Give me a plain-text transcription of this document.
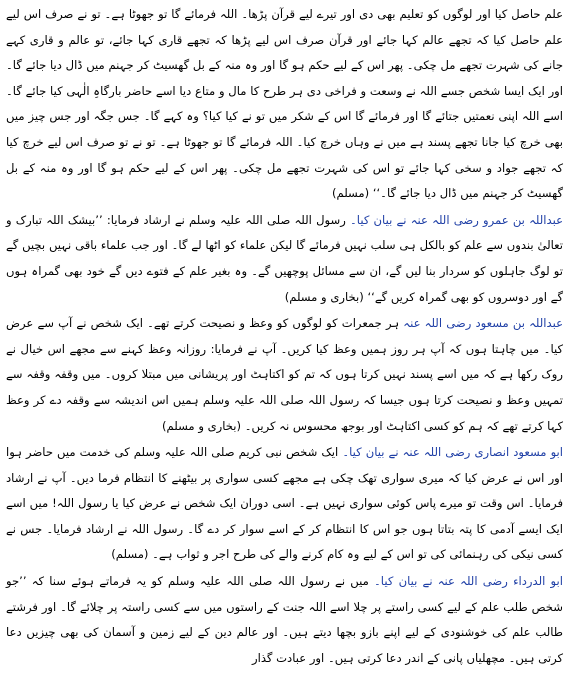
علم حاصل کیا اور لوگوں کو تعلیم بھی دی اور تیرے لیے قرآن پڑھا۔ اللہ فرمائے گا تو جھوٹا ہے۔ تو نے صرف اس لیے علم حاصل کیا کہ تجھے عالم کہا جائے اور قرآن صرف اس لیے پڑھا کہ تجھے قاری کہا جائے، تو عالم و قاری کہے جانے کی شہرت تجھے مل چکی۔ پھر اس کے لیے حکم ہو گا اور وہ منہ کے بل گھسیٹ کر جہنم میں ڈال دیا جائے گا۔ اور ایک ایسا شخص جسے اللہ نے وسعت و فراخی دی ہر طرح کا مال و متاع دیا اسے حاضر بارگاہِ الٰہی کیا جائے گا۔ اسے اللہ اپنی نعمتیں جتائے گا اور فرمائے گا اس کے شکر میں تو نے کیا کیا؟ وہ کہے گا۔ جس جگہ اور جس چیز میں بھی خرچ کیا جانا تجھے پسند ہے میں نے وہاں خرچ کیا۔ اللہ فرمائے گا تو جھوٹا ہے۔ تو نے تو صرف اس لیے خرچ کیا کہ تجھے جواد و سخی کہا جائے تو اس کی شہرت تجھے مل چکی۔ پھر اس کے لیے حکم ہو گا اور وہ منہ کے بل گھسیٹ کر جہنم میں ڈال دیا جائے گا۔‘‘ (مسلم)

عبداللہ بن عمرو رضی اللہ عنہ نے بیان کیا۔ رسول اللہ صلی اللہ علیہ وسلم نے ارشاد فرمایا: ’’بیشک اللہ تبارک و تعالیٰ بندوں سے علم کو بالکل ہی سلب نہیں فرمائے گا لیکن علماء کو اٹھا لے گا۔ اور جب علماء باقی نہیں بچیں گے تو لوگ جاہلوں کو سردار بنا لیں گے، ان سے مسائل پوچھیں گے۔ وہ بغیر علم کے فتوے دیں گے خود بھی گمراہ ہوں گے اور دوسروں کو بھی گمراہ کریں گے‘‘ (بخاری و مسلم)

عبداللہ بن مسعود رضی اللہ عنہ ہر جمعرات کو لوگوں کو وعظ و نصیحت کرتے تھے۔ ایک شخص نے آپ سے عرض کیا۔ میں چاہتا ہوں کہ آپ ہر روز ہمیں وعظ کیا کریں۔ آپ نے فرمایا: روزانہ وعظ کہنے سے مجھے اس خیال نے روک رکھا ہے کہ میں اسے پسند نہیں کرتا ہوں کہ تم کو اکتاہٹ اور پریشانی میں مبتلا کروں۔ میں وقفہ وقفہ سے تمہیں وعظ و نصیحت کرتا ہوں جیسا کہ رسول اللہ صلی اللہ علیہ وسلم ہمیں اس اندیشہ سے وقفہ دے کر وعظ کہا کرتے تھے کہ ہم کو کسی اکتاہٹ اور بوجھ محسوس نہ کریں۔ (بخاری و مسلم)

ابو مسعود انصاری رضی اللہ عنہ نے بیان کیا۔ ایک شخص نبی کریم صلی اللہ علیہ وسلم کی خدمت میں حاضر ہوا اور اس نے عرض کیا کہ میری سواری تھک چکی ہے مجھے کسی سواری پر بیٹھنے کا انتظام فرما دیں۔ آپ نے ارشاد فرمایا۔ اس وقت تو میرے پاس کوئی سواری نہیں ہے۔ اسی دوران ایک شخص نے عرض کیا یا رسول اللہ! میں اسے ایک ایسے آدمی کا پتہ بتاتا ہوں جو اس کا انتظام کر کے اسے سوار کر دے گا۔ رسول اللہ نے ارشاد فرمایا۔ جس نے کسی نیکی کی رہنمائی کی تو اس کے لیے وہ کام کرنے والے کی طرح اجر و ثواب ہے۔ (مسلم)

ابو الدرداء رضی اللہ عنہ نے بیان کیا۔ میں نے رسول اللہ صلی اللہ علیہ وسلم کو یہ فرماتے ہوئے سنا کہ ’’جو شخص طلب علم کے لیے کسی راستے پر چلا اسے اللہ جنت کے راستوں میں سے کسی راستہ پر چلائے گا۔ اور فرشتے طالب علم کی خوشنودی کے لیے اپنے بازو بچھا دیتے ہیں۔ اور عالم دین کے لیے زمین و آسمان کی بھی چیزیں دعا کرتی ہیں۔ مچھلیاں پانی کے اندر دعا کرتی ہیں۔ اور عبادت گذار
